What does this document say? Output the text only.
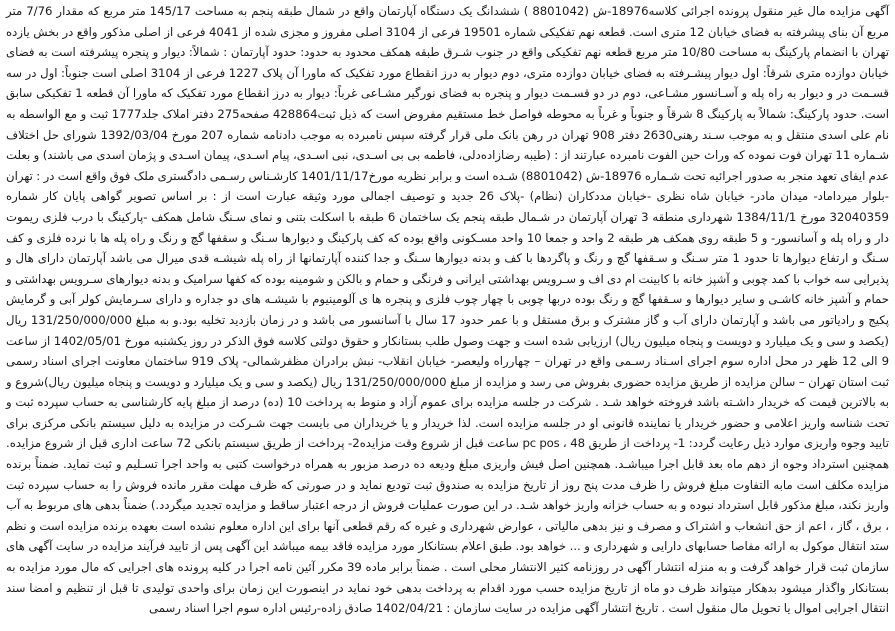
آگهی مزایده مال غیر منقول پرونده اجرائی کلاسه18976-ش (8801042 ) ششدانگ یک دستگاه آپارتمان واقع در شمال طبقه پنجم به مساحت 145/17 متر مربع که مقدار 7/76 متر مربع آن بنای پیشرفته به فضای خیابان 12 متری است. قطعه نهم تفکیکی شماره 19501 فرعی از 3104 اصلی مفروز و مجزی شده از 4041 فرعی از اصلی مذکور واقع در بخش یازده تهران با انضمام پارکینگ به مساحت 10/80 متر مربع قطعه نهم تفکیکی واقع در جنوب شـرق طبقه همکف محدود به حدود: حدود آپارتمان : شمالاً: دیوار و پنجره پیشرفته است به فضای خیابان دوازده متری شرقاً: اول دیوار پیشـرفته به فضای خیابان دوازده متری، دوم دیوار به درز انقطاع مورد تفکیک که ماورا آن پلاک 1227 فرعی از 3104 اصلی است جنوباً: اول در سه قسـمت در و دیوار به راه پله و آسـانسور مشـاعی، دوم در دو قسـمت دیوار و پنجره به فضای نورگیر مشـاعی غرباً: دیوار به درز انقطاع مورد تفکیک که ماورا آن قطعه 1 تفکیکی سابق است. حدود پارکینگ: شمالاً به پارکینگ 8 شرقاً و جنوباً و غرباً به محوطه فواصل خط مستقیم مفروض است که ذیل ثبت428864 صفحه275 دفتر املاک جلد1777 ثبت و مع الواسطه به نام علی اسدی منتقل و به موجب سـند رهنی2630 دفتر 908 تهران در رهن بانک ملی قرار گرفته سپس نامبرده به موجب دادنامه شماره 207 مورخ 1392/03/04 شورای حل اختلاف شـماره 11 تهران فوت نموده که وراث حین الفوت نامبرده عبارتند از : (طیبه رضازاده‌دلی، فاطمه بی بی اسـدی، نبی اسـدی، پیام اسـدی، پیمان اسـدی و پژمان اسدی می باشند) و بعلت عدم ایفای تعهد منجر به صدور اجرائیه تحت شـماره 18976-ش (8801042) شـده است و برابر نظریه مورخ1401/11/17 کارشـناس رسـمی دادگستری ملک فوق واقع است در : تهران -بلوار میرداماد- میدان مادر- خیابان شاه نظری -خیابان مددکاران (نظام) -پلاک 26 جدید و توصیف اجمالی مورد وثیقه عبارت است از : بر اساس تصویر گواهی پایان کار شماره 32040359 مورخ 1384/11/1 شهرداری منطقه 3 تهران آپارتمان در شـمال طبقه پنجم یک ساختمان 6 طبقه با اسکلت بتنی و نمای سـنگ شامل همکف -پارکینگ با درب فلزی ریموت دار و راه پله و آسانسور- و 5 طبقه روی همکف هر طبقه 2 واحد و جمعا 10 واحد مسـکونی واقع بوده که کف پارکینگ و دیوارها سـنگ و سقفها گچ و رنگ و راه پله ها با نرده فلزی و کف سـنگ و ارتفاع دیوارها تا حدود 1 متر سـنگ و سـقفها گچ و رنگ و پاگردها با کف و بدنه دیوارها سـنگ و جدا کننده آپارتمانها از راه پله شیشـه قدی میرال می باشد آپارتمان دارای هال و پذیرایی سه خواب با کمد چوبی و آشپز خانه با کابینت ام دی اف و سـرویس بهداشتی ایرانی و فرنگی و حمام و بالکن و شومینه بوده که کفها سرامیک و بدنه دیوارهای سـرویس بهداشتی و حمام و آشپز خانه کاشـی و سایر دیوارها و سـقفها گچ و رنگ بوده دربها چوبی با چهار چوب فلزی و پنجره ها ی آلومینیوم با شیشـه های دو جداره و دارای سـرمایش کولر آبی و گرمایش پکیج و رادیاتور می باشد و آپارتمان دارای آب و گاز مشترک و برق مستقل و با عمر حدود 17 سال با آسانسور می باشد و در زمان بازدید تخلیه بود.و به مبلغ 131/250/000/000 ریال (یکصد و سی و یک میلیارد و دویست و پنجاه میلیون ریال) ارزیابی شده است و جهت وصول طلب بستانکار و حقوق دولتی کلاسه فوق الذکر در روز یکشنبه مورخ 1402/05/01 از ساعت 9 الی 12 ظهر در محل اداره سوم اجرای اسـناد رسـمی واقع در تهران – چهارراه ولیعصر- خیابان انقلاب- نبش برادران مظفرشمالی- پلاک 919 ساختمان معاونت اجرای اسناد رسمی ثبت استان تهران – سالن مزایده از طریق مزایده حضوری بفروش می رسد و مزایده از مبلغ 131/250/000/000 ریال (یکصد و سی و یک میلیارد و دویست و پنجاه میلیون ریال)شروع و به بالاترین قیمت که خریدار داشـته باشد فروخته خواهد شـد . شرکت در جلسه مزایده برای عموم آزاد و منوط به پرداخت 10 (ده) درصد از مبلغ پایه کارشناسی به حساب سپرده ثبت و تحت شناسه واریز اعلامی و حضور خریدار یا نماینده قانونی او در جلسه مزایده است. لذا خریدار و یا خریداران می بایست جهت شـرکت در مزایده به دلیل سیستم بانکی مرکزی برای تایید وجوه واریزی موارد ذیل رعایت گردد: 1- پرداخت از طریق pc pos ، 48 ساعت قبل از شروع وقت مزایده2- پرداخت از طریق سیستم بانکی 72 ساعت اداری قبل از شروع مزایده. همچنین استرداد وجوه از دهم ماه بعد قابل اجرا میباشـد. همچنین اصل فیش واریزی مبلغ ودیعه ده درصد مزبور به همراه درخواست کتبی به واحد اجرا تسـلیم و ثبت نماید. ضمناً برنده مزایده مکلف است مابه التفاوت مبلغ فروش را ظرف مدت پنج روز از تاریخ مزایده به صندوق ثبت تودیع نماید و در صورتی که ظرف مهلت مقرر مانده فروش را به حساب سپرده ثبت واریز نکند، مبلغ مذکور قابل استرداد نبوده و به حساب خزانه واریز خواهد شـد. در این صورت عملیات فروش از درجه اعتبار ساقط و مزایده تجدید میگردد.) ضمناً بدهی های مربوط به آب ، برق ، گاز ، اعم از حق انشعاب و اشتراک و مصرف و نیز بدهی مالیاتی ، عوارض شهرداری و غیره که رقم قطعی آنها برای این اداره معلوم نشده است بعهده برنده مزایده است و نظم ستد انتقال موکول به ارائه مفاصا حسابهای دارایی و شهرداری و ... خواهد بود. طبق اعلام بستانکار مورد مزایده فاقد بیمه میباشد این آگهی پس از تایید فرآیند مزایده در سایت آگهی های سازمان ثبت قرار خواهد گرفت و به منزله انتشار آگهی در روزنامه کثیر الانتشار محلی است . ضمناً برابر ماده 39 مکرر آئین نامه اجرا در کلیه پرونده های اجرایی که مال مورد مزایده به بستانکار واگذار میشود بدهکار میتواند ظرف دو ماه از تاریخ مزایده حسب مورد اقدام به پرداخت بدهی خود نماید در اینصورت این زمان برای واحدی تولیدی تا قبل از تنظیم و امضا سند انتقال اجرایی اموال یا تحویل مال منقول است . تاریخ انتشار آگهی مزایده در سایت سازمان : 1402/04/21 صادق زاده-رئیس اداره سوم اجرا اسناد رسمی
